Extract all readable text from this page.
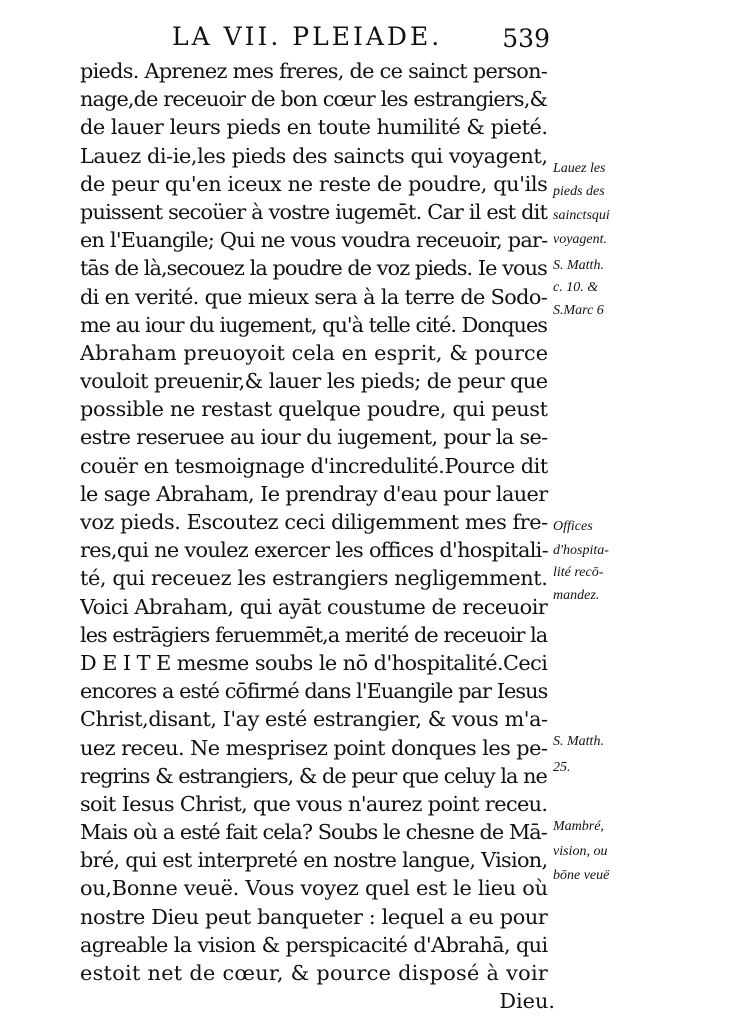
LA VII. PLEIADE. 539
pieds. Aprenez mes freres, de ce sainct person-
nage,de receuoir de bon cœur les estrangiers,&
de lauer leurs pieds en toute humilité & pieté.
Lauez di-ie,les pieds des saincts qui voyagent,
de peur qu'en iceux ne reste de poudre, qu'ils
puissent secoüer à vostre iugemēt. Car il est dit
en l'Euangile; Qui ne vous voudra receuoir, par-
tās de là,secouez la poudre de voz pieds. Ie vous
di en verité. que mieux sera à la terre de Sodo-
me au iour du iugement, qu'à telle cité. Donques
Abraham preuoyoit cela en esprit, & pource
vouloit preuenir,& lauer les pieds; de peur que
possible ne restast quelque poudre, qui peust
estre reseruee au iour du iugement, pour la se-
couër en tesmoignage d'incredulité.Pource dit
le sage Abraham, Ie prendray d'eau pour lauer
voz pieds. Escoutez ceci diligemment mes fre-
res,qui ne voulez exercer les offices d'hospitali-
té, qui receuez les estrangiers negligemment.
Voici Abraham, qui ayāt coustume de receuoir
les estrāgiers feruemmēt,a merité de receuoir la
D E I T E mesme soubs le nō d'hospitalité.Ceci
encores a esté cōfirmé dans l'Euangile par Iesus
Christ,disant, I'ay esté estrangier, & vous m'a-
uez receu. Ne mesprisez point donques les pe-
regrins & estrangiers, & de peur que celuy la ne
soit Iesus Christ, que vous n'aurez point receu.
Mais où a esté fait cela? Soubs le chesne de Mā-
bré, qui est interpreté en nostre langue, Vision,
ou,Bonne veuë. Vous voyez quel est le lieu où
nostre Dieu peut banqueter : lequel a eu pour
agreable la vision & perspicacité d'Abrahā, qui
estoit net de cœur, & pource disposé à voir
Dieu.
Lauez les
pieds des
sainctsqui
voyagent.
S. Matth.
c. 10. &
S.Marc 6
Offices
d'hospita-
lité recō-
mandez.
S. Matth.
25.
Mambré,
vision, ou
bōne veuë
